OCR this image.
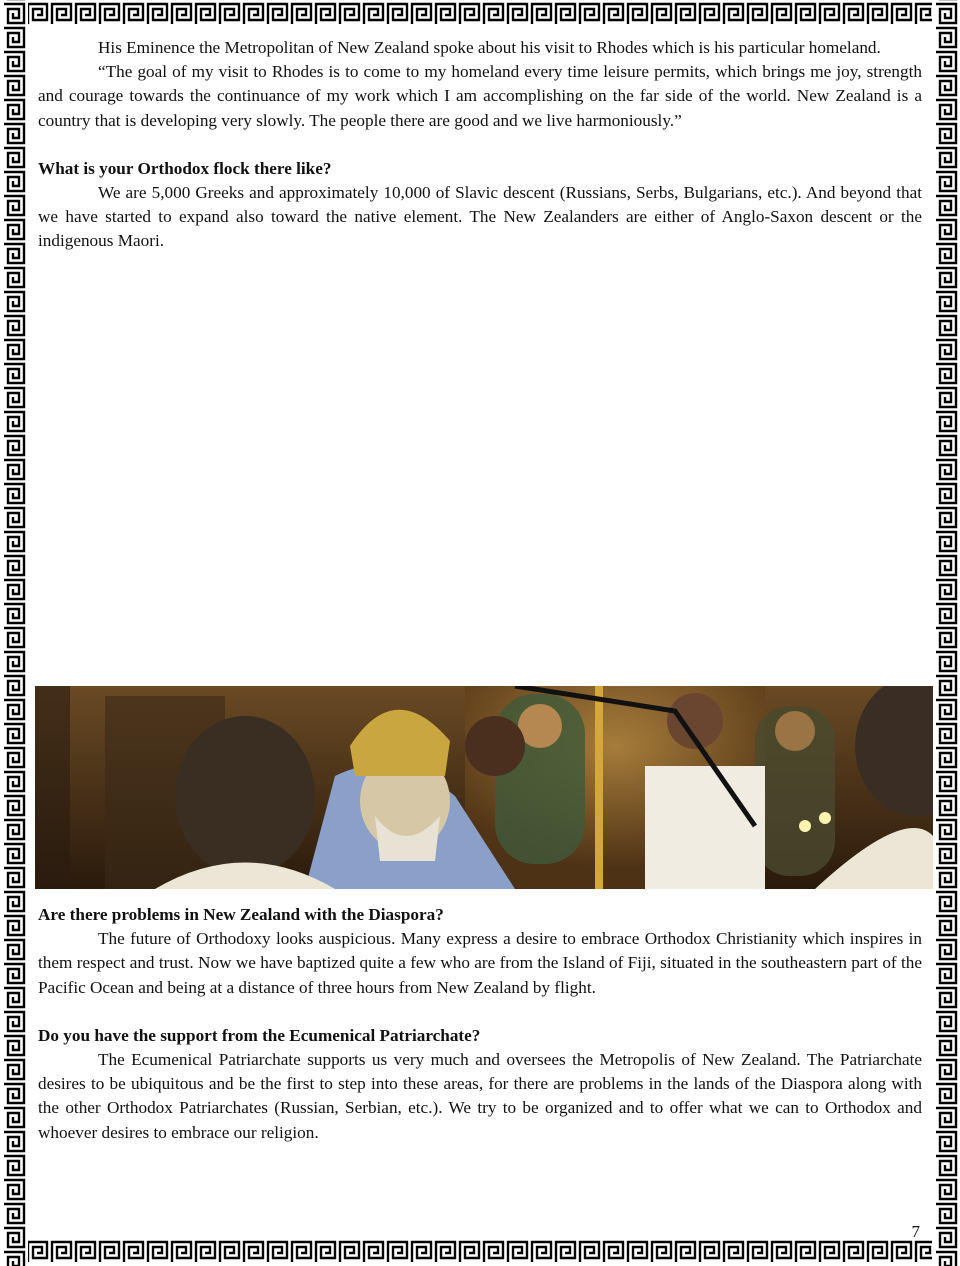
His Eminence the Metropolitan of New Zealand spoke about his visit to Rhodes which is his particular homeland.

“The goal of my visit to Rhodes is to come to my homeland every time leisure permits, which brings me joy, strength and courage towards the continuance of my work which I am accomplishing on the far side of the world. New Zealand is a country that is developing very slowly. The people there are good and we live harmoniously.”

What is your Orthodox flock there like?

We are 5,000 Greeks and approximately 10,000 of Slavic descent (Russians, Serbs, Bulgarians, etc.). And beyond that we have started to expand also toward the native element. The New Zealanders are either of Anglo-Saxon descent or the indigenous Maori.

Are there problems in New Zealand with the Diaspora?

The future of Orthodoxy looks auspicious. Many express a desire to embrace Orthodox Christianity which inspires in them respect and trust. Now we have baptized quite a few who are from the Island of Fiji, situated in the southeastern part of the Pacific Ocean and being at a distance of three hours from New Zealand by flight.

Do you have the support from the Ecumenical Patriarchate?

The Ecumenical Patriarchate supports us very much and oversees the Metropolis of New Zealand. The Patriarchate desires to be ubiquitous and be the first to step into these areas, for there are problems in the lands of the Diaspora along with the other Orthodox Patriarchates (Russian, Serbian, etc.). We try to be organized and to offer what we can to Orthodox and whoever desires to embrace our religion.

7
